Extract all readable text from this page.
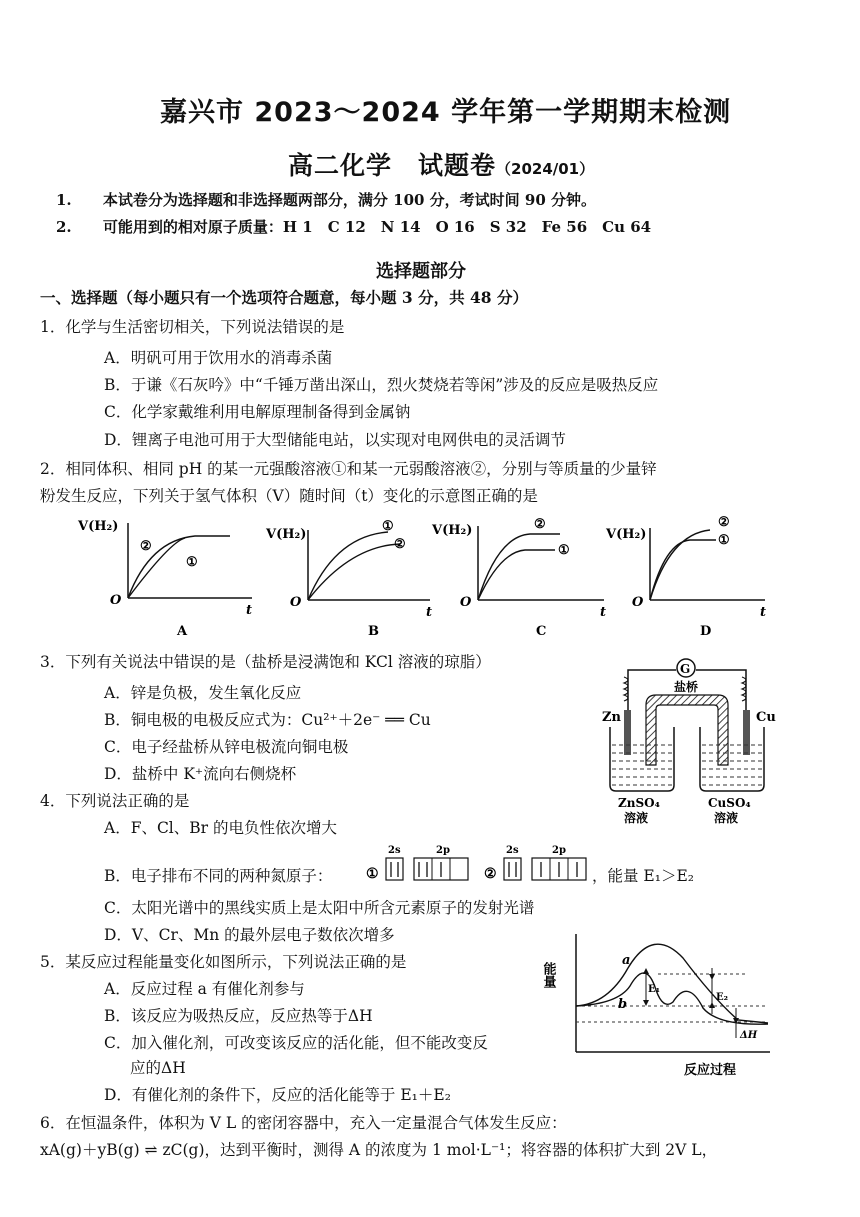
嘉兴市 2023～2024 学年第一学期期末检测
高二化学　试题卷（2024/01）
1. 本试卷分为选择题和非选择题两部分，满分 100 分，考试时间 90 分钟。
2. 可能用到的相对原子质量：H 1　C 12　N 14　O 16　S 32　Fe 56　Cu 64
选择题部分
一、选择题（每小题只有一个选项符合题意，每小题 3 分，共 48 分）
1．化学与生活密切相关，下列说法错误的是
A．明矾可用于饮用水的消毒杀菌
B．于谦《石灰吟》中“千锤万凿出深山，烈火焚烧若等闲”涉及的反应是吸热反应
C．化学家戴维利用电解原理制备得到金属钠
D．锂离子电池可用于大型储能电站，以实现对电网供电的灵活调节
2．相同体积、相同 pH 的某一元强酸溶液①和某一元弱酸溶液②，分别与等质量的少量锌
粉发生反应，下列关于氢气体积（V）随时间（t）变化的示意图正确的是
V(H₂)
O
t
②
①
A
V(H₂)
O
t
①
②
B
V(H₂)
O
t
②
①
C
V(H₂)
O
t
②
①
D
3．下列有关说法中错误的是（盐桥是浸满饱和 KCl 溶液的琼脂）
A．锌是负极，发生氧化反应
B．铜电极的电极反应式为：Cu²⁺＋2e⁻ ══ Cu
C．电子经盐桥从锌电极流向铜电极
D．盐桥中 K⁺流向右侧烧杯
G
盐桥
Zn	Cu
ZnSO₄
溶液
CuSO₄
溶液
4．下列说法正确的是
A．F、Cl、Br 的电负性依次增大
B．电子排布不同的两种氮原子：
2s	2p	2s	2p
①	②	，能量 E₁＞E₂
C．太阳光谱中的黑线实质上是太阳中所含元素原子的发射光谱
D．V、Cr、Mn 的最外层电子数依次增多
5．某反应过程能量变化如图所示，下列说法正确的是
A．反应过程 a 有催化剂参与
B．该反应为吸热反应，反应热等于ΔH
C．加入催化剂，可改变该反应的活化能，但不能改变反
应的ΔH
D．有催化剂的条件下，反应的活化能等于 E₁＋E₂
能量
a
b
E₁
E₂
ΔH
反应过程
6．在恒温条件，体积为 V L 的密闭容器中，充入一定量混合气体发生反应：
xA(g)＋yB(g) ⇌ zC(g)，达到平衡时，测得 A 的浓度为 1 mol·L⁻¹；将容器的体积扩大到 2V L，
